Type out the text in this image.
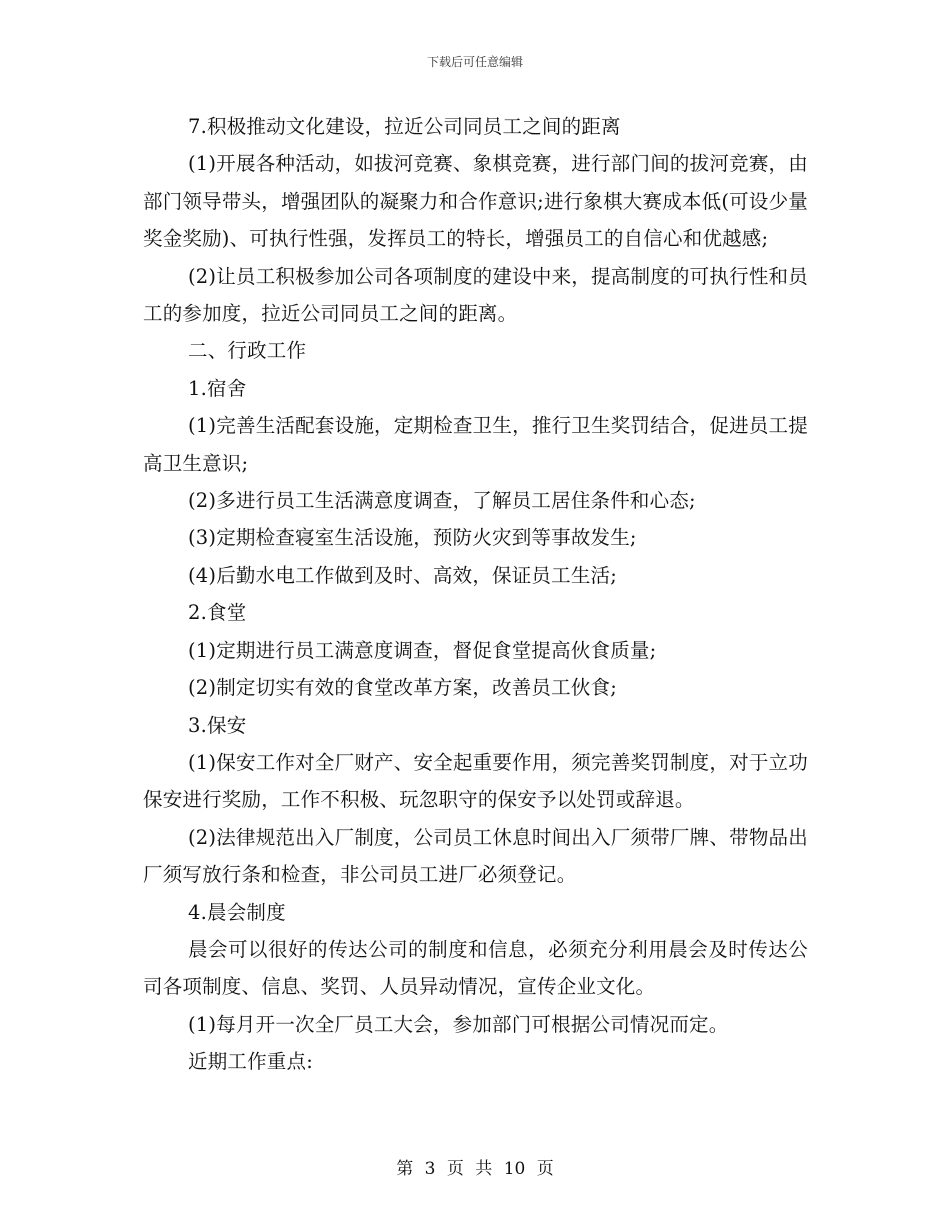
下载后可任意编辑

7.积极推动文化建设，拉近公司同员工之间的距离

(1)开展各种活动，如拔河竞赛、象棋竞赛，进行部门间的拔河竞赛，由部门领导带头，增强团队的凝聚力和合作意识;进行象棋大赛成本低(可设少量奖金奖励)、可执行性强，发挥员工的特长，增强员工的自信心和优越感;

(2)让员工积极参加公司各项制度的建设中来，提高制度的可执行性和员工的参加度，拉近公司同员工之间的距离。

二、行政工作

1.宿舍

(1)完善生活配套设施，定期检查卫生，推行卫生奖罚结合，促进员工提高卫生意识;

(2)多进行员工生活满意度调查，了解员工居住条件和心态;

(3)定期检查寝室生活设施，预防火灾到等事故发生;

(4)后勤水电工作做到及时、高效，保证员工生活;

2.食堂

(1)定期进行员工满意度调查，督促食堂提高伙食质量;

(2)制定切实有效的食堂改革方案，改善员工伙食;

3.保安

(1)保安工作对全厂财产、安全起重要作用，须完善奖罚制度，对于立功保安进行奖励，工作不积极、玩忽职守的保安予以处罚或辞退。

(2)法律规范出入厂制度，公司员工休息时间出入厂须带厂牌、带物品出厂须写放行条和检查，非公司员工进厂必须登记。

4.晨会制度

晨会可以很好的传达公司的制度和信息，必须充分利用晨会及时传达公司各项制度、信息、奖罚、人员异动情况，宣传企业文化。

(1)每月开一次全厂员工大会，参加部门可根据公司情况而定。

近期工作重点:

第 3 页 共 10 页
